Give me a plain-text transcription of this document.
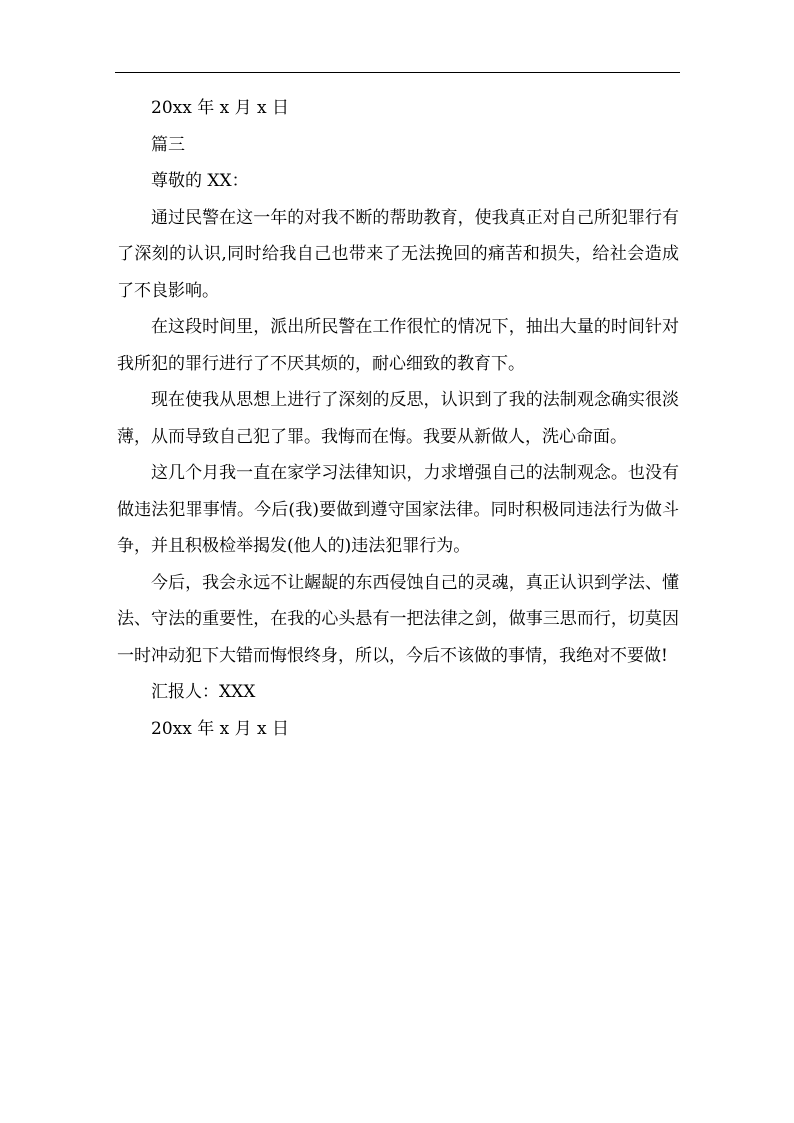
20xx 年 x 月 x 日

篇三

尊敬的 XX：

通过民警在这一年的对我不断的帮助教育，使我真正对自己所犯罪行有了深刻的认识,同时给我自己也带来了无法挽回的痛苦和损失，给社会造成了不良影响。

在这段时间里，派出所民警在工作很忙的情况下，抽出大量的时间针对我所犯的罪行进行了不厌其烦的，耐心细致的教育下。

现在使我从思想上进行了深刻的反思，认识到了我的法制观念确实很淡薄，从而导致自己犯了罪。我悔而在悔。我要从新做人，洗心命面。

这几个月我一直在家学习法律知识，力求增强自己的法制观念。也没有做违法犯罪事情。今后(我)要做到遵守国家法律。同时积极同违法行为做斗争，并且积极检举揭发(他人的)违法犯罪行为。

今后，我会永远不让龌龊的东西侵蚀自己的灵魂，真正认识到学法、懂法、守法的重要性，在我的心头悬有一把法律之剑，做事三思而行，切莫因一时冲动犯下大错而悔恨终身，所以，今后不该做的事情，我绝对不要做!

汇报人：XXX

20xx 年 x 月 x 日
